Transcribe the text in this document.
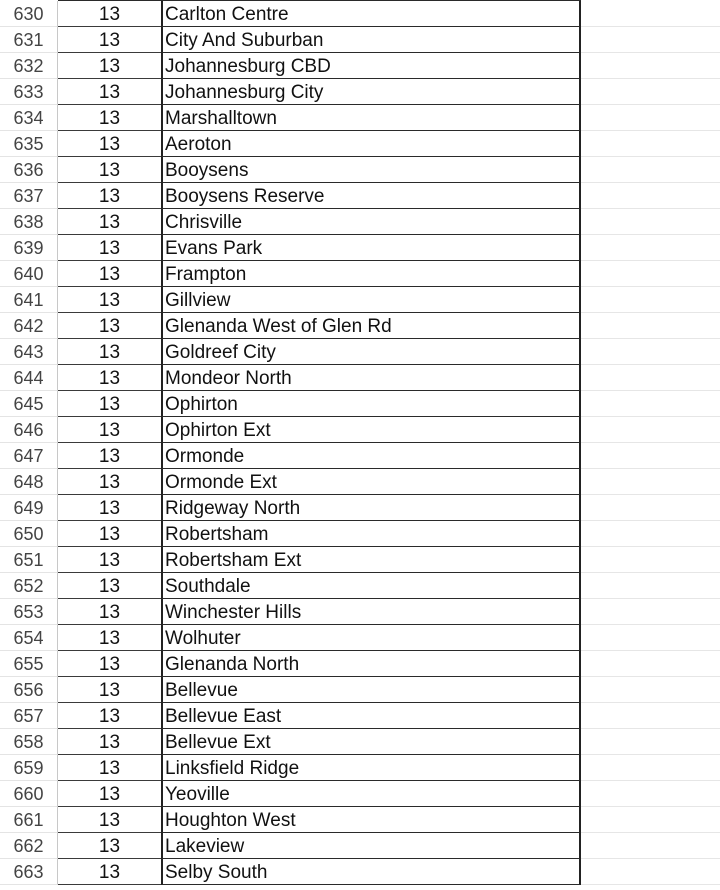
630	13	Carlton Centre
631	13	City And Suburban
632	13	Johannesburg CBD
633	13	Johannesburg City
634	13	Marshalltown
635	13	Aeroton
636	13	Booysens
637	13	Booysens Reserve
638	13	Chrisville
639	13	Evans Park
640	13	Frampton
641	13	Gillview
642	13	Glenanda West of Glen Rd
643	13	Goldreef City
644	13	Mondeor North
645	13	Ophirton
646	13	Ophirton Ext
647	13	Ormonde
648	13	Ormonde Ext
649	13	Ridgeway North
650	13	Robertsham
651	13	Robertsham Ext
652	13	Southdale
653	13	Winchester Hills
654	13	Wolhuter
655	13	Glenanda North
656	13	Bellevue
657	13	Bellevue East
658	13	Bellevue Ext
659	13	Linksfield Ridge
660	13	Yeoville
661	13	Houghton West
662	13	Lakeview
663	13	Selby South
